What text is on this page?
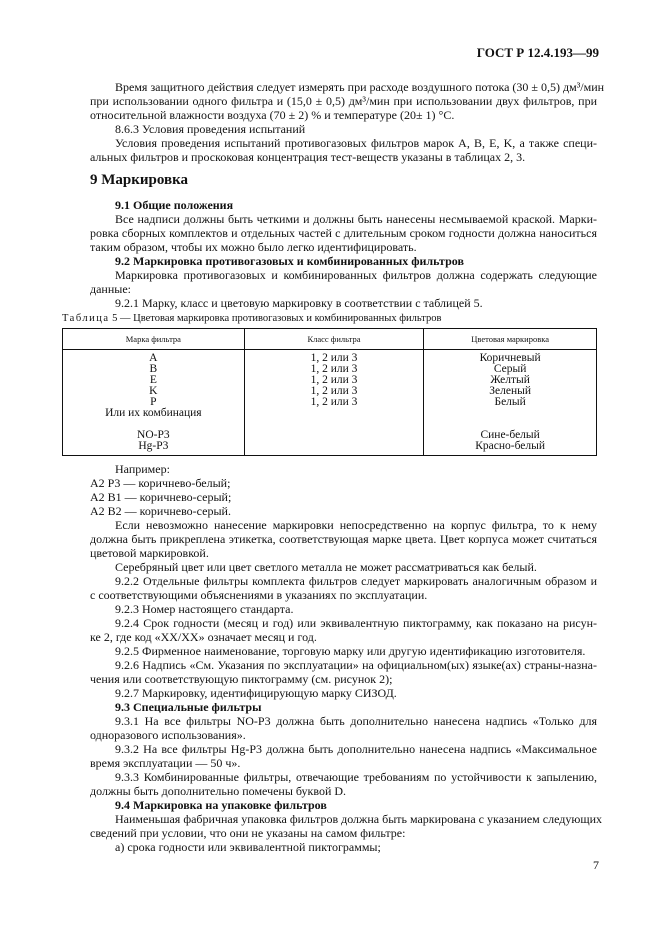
ГОСТ Р 12.4.193—99
Время защитного действия следует измерять при расходе воздушного потока (30 ± 0,5) дм³/мин
при использовании одного фильтра и (15,0 ± 0,5) дм³/мин при использовании двух фильтров, при
относительной влажности воздуха (70 ± 2) % и температуре (20± 1) °С.
8.6.3 Условия проведения испытаний
Условия проведения испытаний противогазовых фильтров марок А, В, Е, K, а также специ-
альных фильтров и проскоковая концентрация тест-веществ указаны в таблицах 2, 3.
9 Маркировка
9.1 Общие положения
Все надписи должны быть четкими и должны быть нанесены несмываемой краской. Марки-
ровка сборных комплектов и отдельных частей с длительным сроком годности должна наноситься
таким образом, чтобы их можно было легко идентифицировать.
9.2 Маркировка противогазовых и комбинированных фильтров
Маркировка противогазовых и комбинированных фильтров должна содержать следующие
данные:
9.2.1 Марку, класс и цветовую маркировку в соответствии с таблицей 5.
Таблица 5 — Цветовая маркировка противогазовых и комбинированных фильтров
Марка фильтра	Класс фильтра	Цветовая маркировка
A	1, 2 или 3	Коричневый
B	1, 2 или 3	Серый
E	1, 2 или 3	Желтый
K	1, 2 или 3	Зеленый
P	1, 2 или 3	Белый
Или их комбинация		

NO-P3		Сине-белый
Hg-P3		Красно-белый
Например:
А2 Р3 — коричнево-белый;
А2 В1 — коричнево-серый;
А2 В2 — коричнево-серый.
Если невозможно нанесение маркировки непосредственно на корпус фильтра, то к нему
должна быть прикреплена этикетка, соответствующая марке цвета. Цвет корпуса может считаться
цветовой маркировкой.
Серебряный цвет или цвет светлого металла не может рассматриваться как белый.
9.2.2 Отдельные фильтры комплекта фильтров следует маркировать аналогичным образом и
с соответствующими объяснениями в указаниях по эксплуатации.
9.2.3 Номер настоящего стандарта.
9.2.4 Срок годности (месяц и год) или эквивалентную пиктограмму, как показано на рисун-
ке 2, где код «XX/XX» означает месяц и год.
9.2.5 Фирменное наименование, торговую марку или другую идентификацию изготовителя.
9.2.6 Надпись «См. Указания по эксплуатации» на официальном(ых) языке(ах) страны-назна-
чения или соответствующую пиктограмму (см. рисунок 2);
9.2.7 Маркировку, идентифицирующую марку СИЗОД.
9.3 Специальные фильтры
9.3.1 На все фильтры NO-P3 должна быть дополнительно нанесена надпись «Только для
одноразового использования».
9.3.2 На все фильтры Hg-P3 должна быть дополнительно нанесена надпись «Максимальное
время эксплуатации — 50 ч».
9.3.3 Комбинированные фильтры, отвечающие требованиям по устойчивости к запылению,
должны быть дополнительно помечены буквой D.
9.4 Маркировка на упаковке фильтров
Наименьшая фабричная упаковка фильтров должна быть маркирована с указанием следующих
сведений при условии, что они не указаны на самом фильтре:
а) срока годности или эквивалентной пиктограммы;
7
